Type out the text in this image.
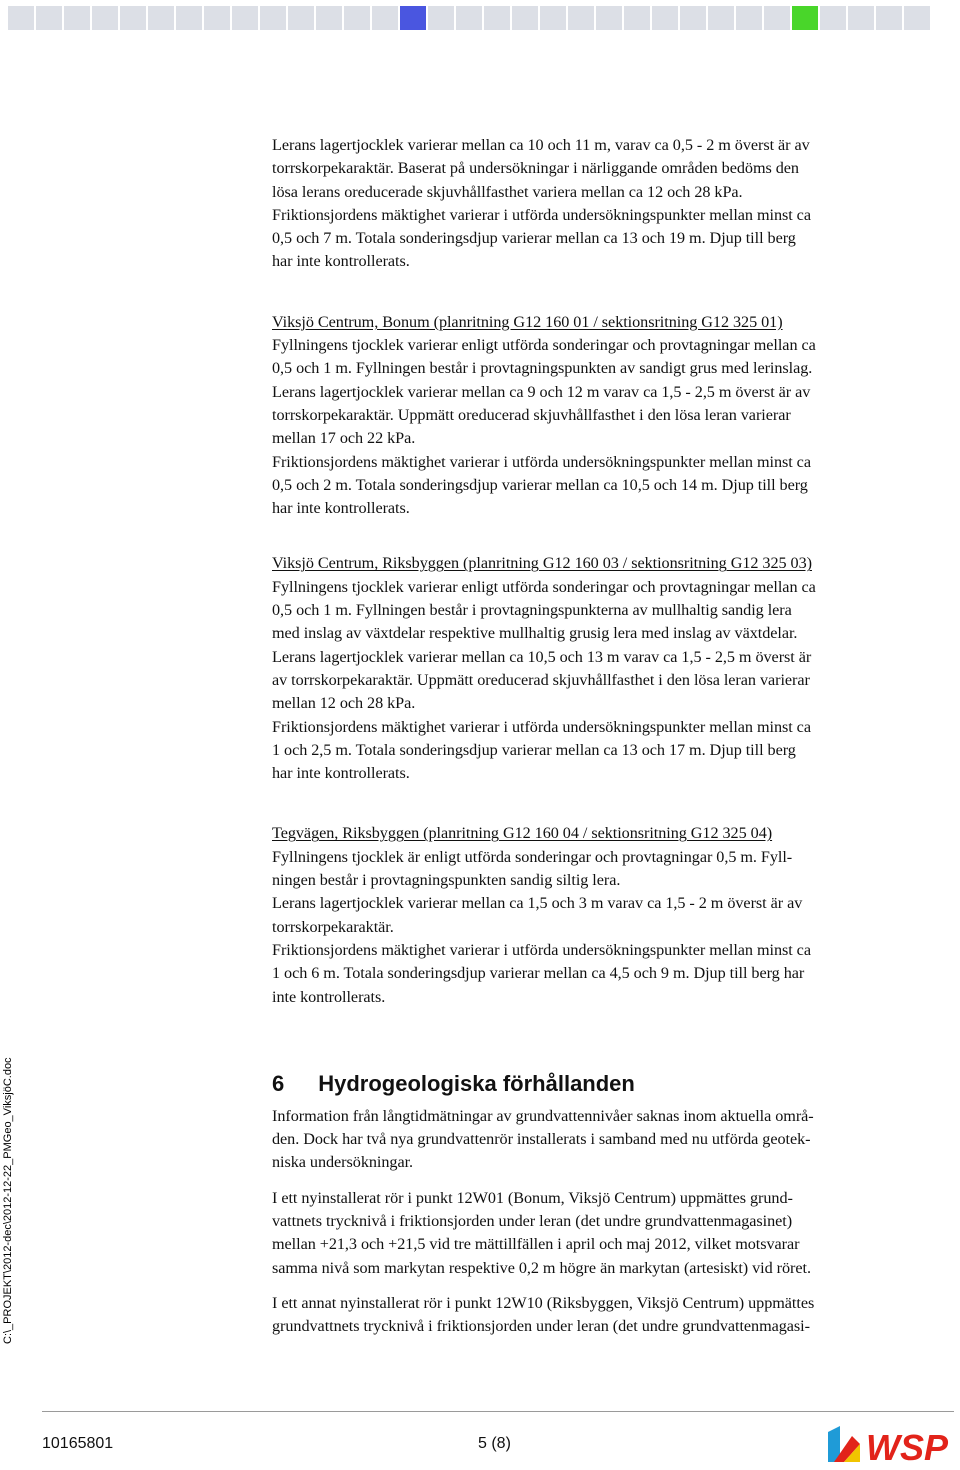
Lerans lagertjocklek varierar mellan ca 10 och 11 m, varav ca 0,5 - 2 m överst är av
torrskorpekaraktär. Baserat på undersökningar i närliggande områden bedöms den
lösa lerans oreducerade skjuvhållfasthet variera mellan ca 12 och 28 kPa.
Friktionsjordens mäktighet varierar i utförda undersökningspunkter mellan minst ca
0,5 och 7 m. Totala sonderingsdjup varierar mellan ca 13 och 19 m. Djup till berg
har inte kontrollerats.

Viksjö Centrum, Bonum (planritning G12 160 01 / sektionsritning G12 325 01)

Fyllningens tjocklek varierar enligt utförda sonderingar och provtagningar mellan ca
0,5 och 1 m. Fyllningen består i provtagningspunkten av sandigt grus med lerinslag.
Lerans lagertjocklek varierar mellan ca 9 och 12 m varav ca 1,5 - 2,5 m överst är av
torrskorpekaraktär. Uppmätt oreducerad skjuvhållfasthet i den lösa leran varierar
mellan 17 och 22 kPa.
Friktionsjordens mäktighet varierar i utförda undersökningspunkter mellan minst ca
0,5 och 2 m. Totala sonderingsdjup varierar mellan ca 10,5 och 14 m. Djup till berg
har inte kontrollerats.

Viksjö Centrum, Riksbyggen (planritning G12 160 03 / sektionsritning G12 325 03)

Fyllningens tjocklek varierar enligt utförda sonderingar och provtagningar mellan ca
0,5 och 1 m. Fyllningen består i provtagningspunkterna av mullhaltig sandig lera
med inslag av växtdelar respektive mullhaltig grusig lera med inslag av växtdelar.
Lerans lagertjocklek varierar mellan ca 10,5 och 13 m varav ca 1,5 - 2,5 m överst är
av torrskorpekaraktär. Uppmätt oreducerad skjuvhållfasthet i den lösa leran varierar
mellan 12 och 28 kPa.
Friktionsjordens mäktighet varierar i utförda undersökningspunkter mellan minst ca
1 och 2,5 m. Totala sonderingsdjup varierar mellan ca 13 och 17 m. Djup till berg
har inte kontrollerats.

Tegvägen, Riksbyggen (planritning G12 160 04 / sektionsritning G12 325 04)

Fyllningens tjocklek är enligt utförda sonderingar och provtagningar 0,5 m. Fyll-
ningen består i provtagningspunkten sandig siltig lera.
Lerans lagertjocklek varierar mellan ca 1,5 och 3 m varav ca 1,5 - 2 m överst är av
torrskorpekaraktär.
Friktionsjordens mäktighet varierar i utförda undersökningspunkter mellan minst ca
1 och 6 m. Totala sonderingsdjup varierar mellan ca 4,5 och 9 m. Djup till berg har
inte kontrollerats.

6 Hydrogeologiska förhållanden

Information från långtidmätningar av grundvattennivåer saknas inom aktuella områ-
den. Dock har två nya grundvattenrör installerats i samband med nu utförda geotek-
niska undersökningar.

I ett nyinstallerat rör i punkt 12W01 (Bonum, Viksjö Centrum) uppmättes grund-
vattnets trycknivå i friktionsjorden under leran (det undre grundvattenmagasinet)
mellan +21,3 och +21,5 vid tre mättillfällen i april och maj 2012, vilket motsvarar
samma nivå som markytan respektive 0,2 m högre än markytan (artesiskt) vid röret.

I ett annat nyinstallerat rör i punkt 12W10 (Riksbyggen, Viksjö Centrum) uppmättes
grundvattnets trycknivå i friktionsjorden under leran (det undre grundvattenmagasi-

C:\_PROJEKT\2012-dec\2012-12-22_PMGeo_ViksjöC.doc
10165801	5 (8)	WSP
